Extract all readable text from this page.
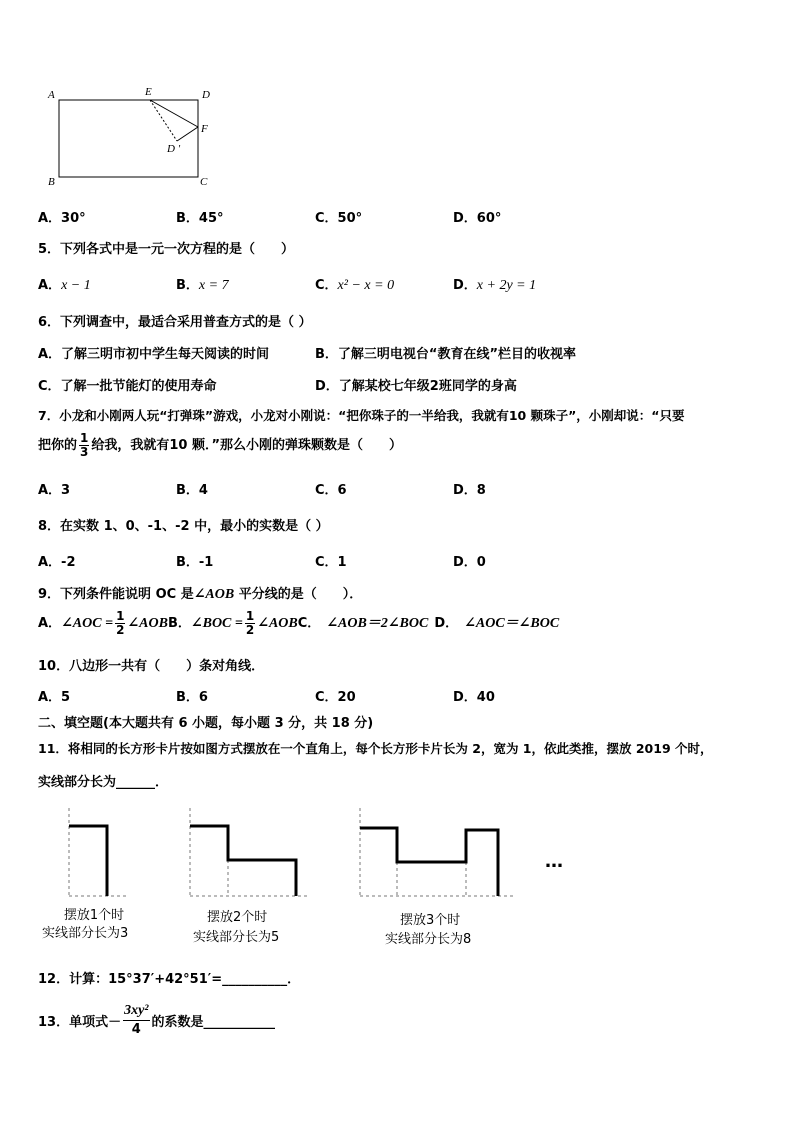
A	E	D
F
D ′
B	C
A．30°	B．45°	C．50°	D．60°
5．下列各式中是一元一次方程的是（　　）
A．x − 1	B．x = 7	C．x² − x = 0	D．x + 2y = 1
6．下列调查中，最适合采用普查方式的是（ ）
A．了解三明市初中学生每天阅读的时间	B．了解三明电视台“教育在线”栏目的收视率
C．了解一批节能灯的使用寿命	D．了解某校七年级2班同学的身高
7．小龙和小刚两人玩“打弹珠”游戏，小龙对小刚说：“把你珠子的一半给我，我就有10 颗珠子”，小刚却说：“只要
把你的 $\frac{1}{3}$ 给我，我就有10 颗．”那么小刚的弹珠颗数是（　　）
A．3	B．4	C．6	D．8
8．在实数 1、0、-1、-2 中，最小的实数是（ ）
A．-2	B．-1	C．1	D．0
9．下列条件能说明 OC 是∠AOB 平分线的是（　　）．
A．∠AOC = $\frac{1}{2}$ ∠AOBB．∠BOC = $\frac{1}{2}$ ∠AOBC． ∠AOB＝2∠BOC D． ∠AOC＝∠BOC
10．八边形一共有（　　）条对角线．
A．5	B．6	C．20	D．40
二、填空题(本大题共有 6 小题，每小题 3 分，共 18 分)
11．将相同的长方形卡片按如图方式摆放在一个直角上，每个长方形卡片长为 2，宽为 1，依此类推，摆放 2019 个时，
实线部分长为______．
…
摆放1个时
实线部分长为3
摆放2个时
实线部分长为5
摆放3个时
实线部分长为8
12．计算：15°37′+42°51′=__________．
13．单项式－ $\frac{\text{3xy²}}{4}$ 的系数是___________
